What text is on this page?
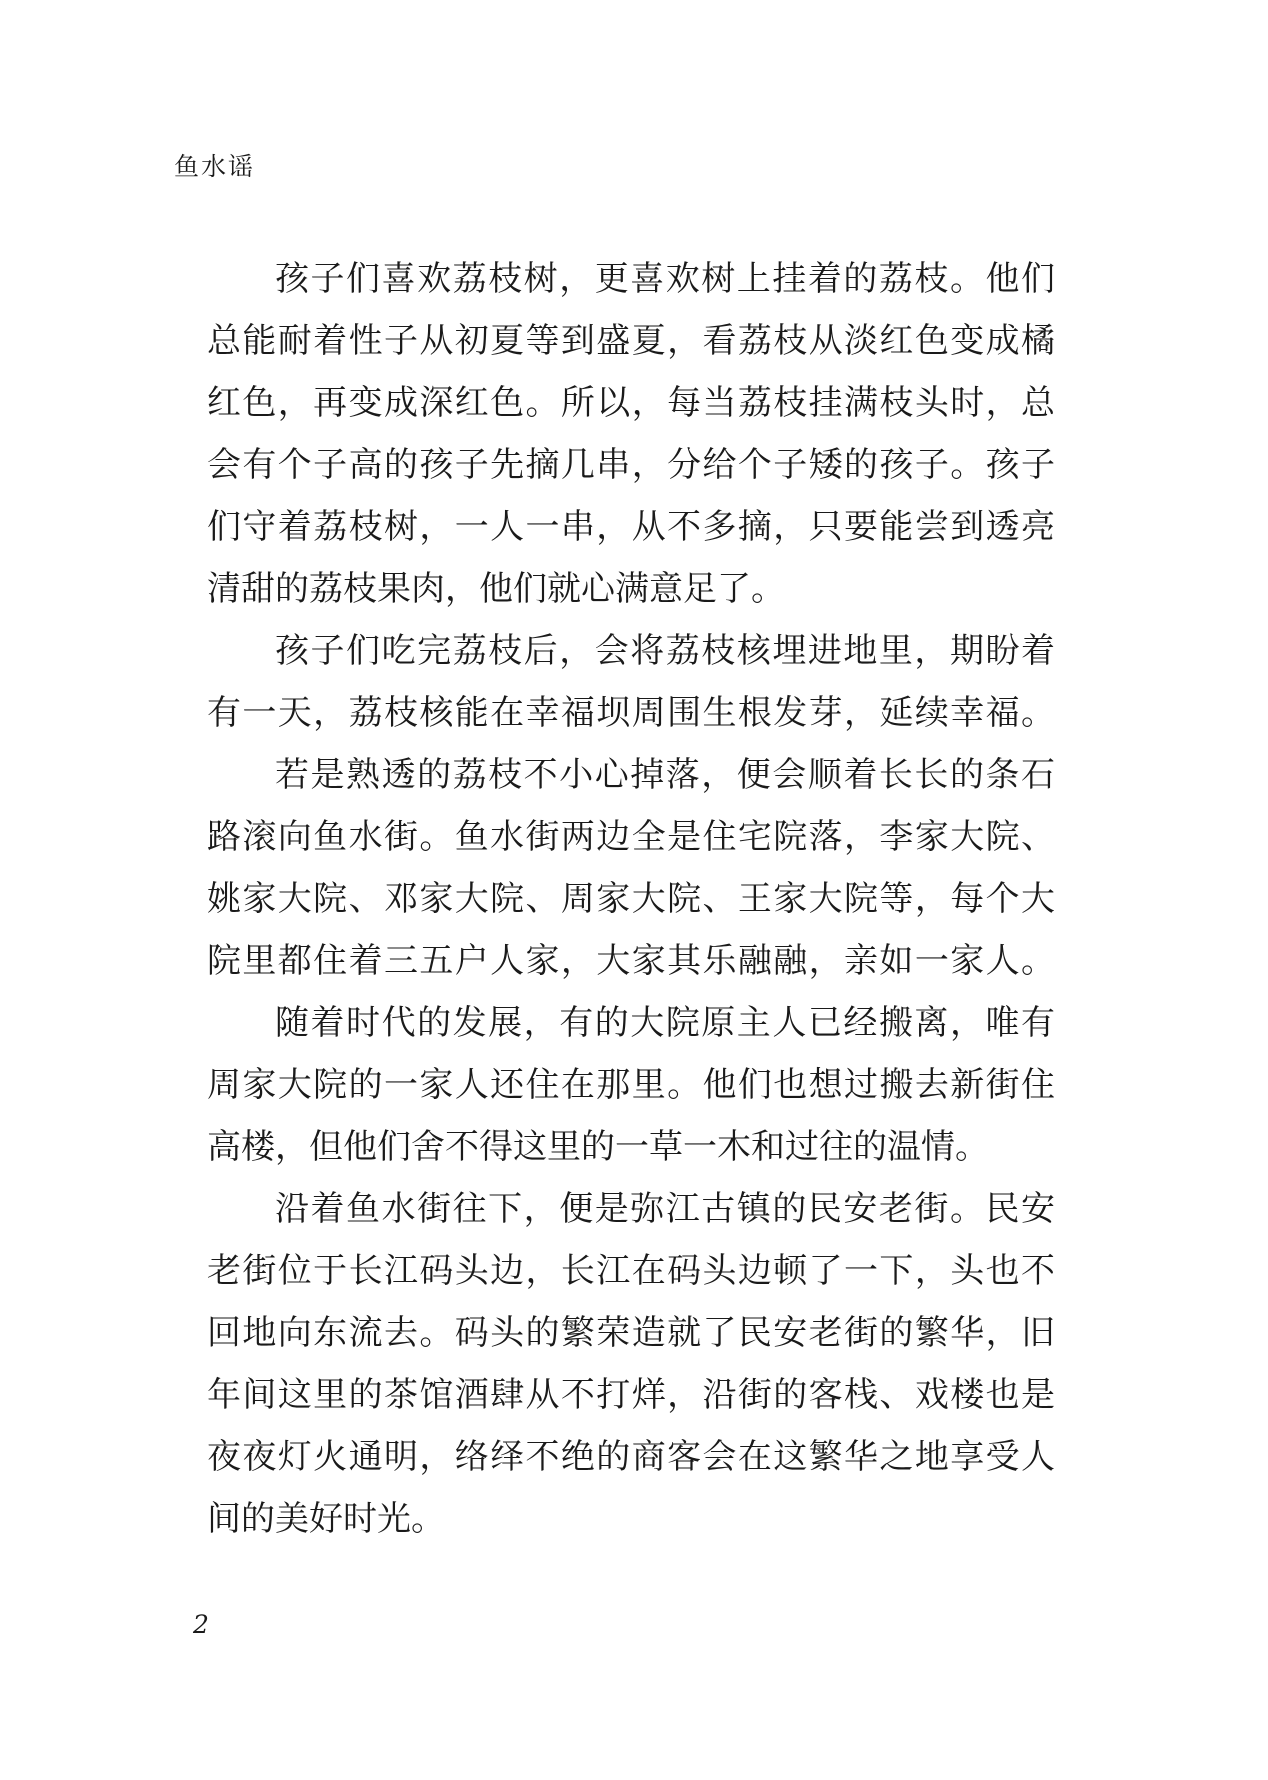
鱼水谣
孩子们喜欢荔枝树，更喜欢树上挂着的荔枝。他们
总能耐着性子从初夏等到盛夏，看荔枝从淡红色变成橘
红色，再变成深红色。所以，每当荔枝挂满枝头时，总
会有个子高的孩子先摘几串，分给个子矮的孩子。孩子
们守着荔枝树，一人一串，从不多摘，只要能尝到透亮
清甜的荔枝果肉，他们就心满意足了。
孩子们吃完荔枝后，会将荔枝核埋进地里，期盼着
有一天，荔枝核能在幸福坝周围生根发芽，延续幸福。
若是熟透的荔枝不小心掉落，便会顺着长长的条石
路滚向鱼水街。鱼水街两边全是住宅院落，李家大院、
姚家大院、邓家大院、周家大院、王家大院等，每个大
院里都住着三五户人家，大家其乐融融，亲如一家人。
随着时代的发展，有的大院原主人已经搬离，唯有
周家大院的一家人还住在那里。他们也想过搬去新街住
高楼，但他们舍不得这里的一草一木和过往的温情。
沿着鱼水街往下，便是弥江古镇的民安老街。民安
老街位于长江码头边，长江在码头边顿了一下，头也不
回地向东流去。码头的繁荣造就了民安老街的繁华，旧
年间这里的茶馆酒肆从不打烊，沿街的客栈、戏楼也是
夜夜灯火通明，络绎不绝的商客会在这繁华之地享受人
间的美好时光。
2
